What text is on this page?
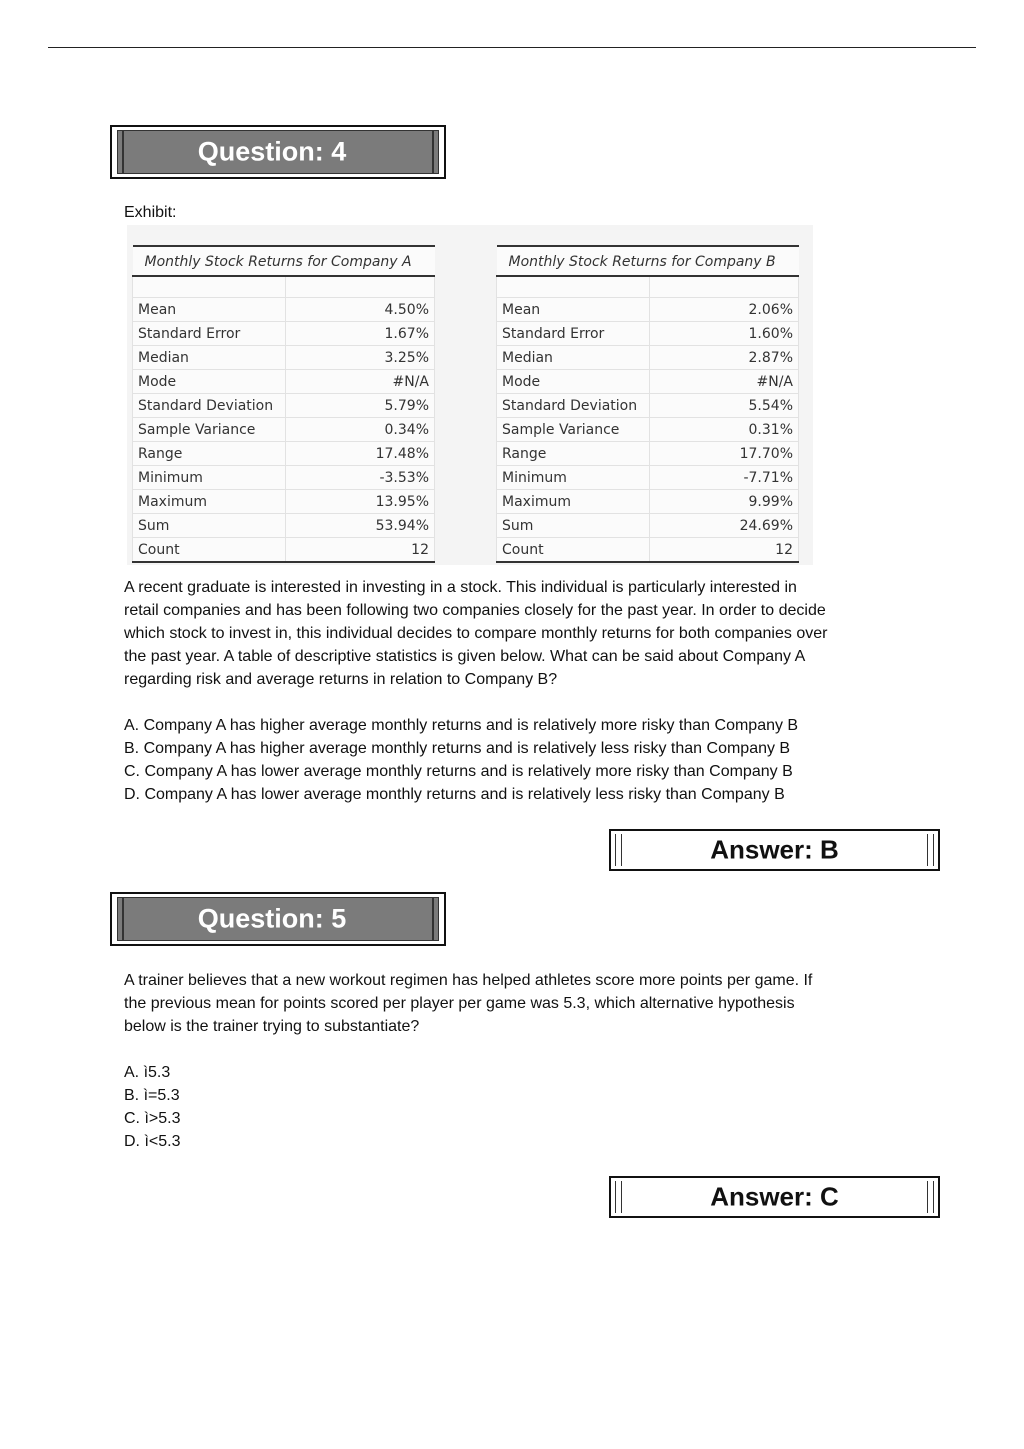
Question: 4
Exhibit:
Monthly Stock Returns for Company A	

Mean	4.50%
Standard Error	1.67%
Median	3.25%
Mode	#N/A
Standard Deviation	5.79%
Sample Variance	0.34%
Range	17.48%
Minimum	-3.53%
Maximum	13.95%
Sum	53.94%
Count	12
Monthly Stock Returns for Company B	

Mean	2.06%
Standard Error	1.60%
Median	2.87%
Mode	#N/A
Standard Deviation	5.54%
Sample Variance	0.31%
Range	17.70%
Minimum	-7.71%
Maximum	9.99%
Sum	24.69%
Count	12
A recent graduate is interested in investing in a stock. This individual is particularly interested in
retail companies and has been following two companies closely for the past year. In order to decide
which stock to invest in, this individual decides to compare monthly returns for both companies over
the past year. A table of descriptive statistics is given below. What can be said about Company A
regarding risk and average returns in relation to Company B?
A. Company A has higher average monthly returns and is relatively more risky than Company B
B. Company A has higher average monthly returns and is relatively less risky than Company B
C. Company A has lower average monthly returns and is relatively more risky than Company B
D. Company A has lower average monthly returns and is relatively less risky than Company B
Answer: B
Question: 5
A trainer believes that a new workout regimen has helped athletes score more points per game. If
the previous mean for points scored per player per game was 5.3, which alternative hypothesis
below is the trainer trying to substantiate?
A. ì5.3
B. ì=5.3
C. ì>5.3
D. ì<5.3
Answer: C
